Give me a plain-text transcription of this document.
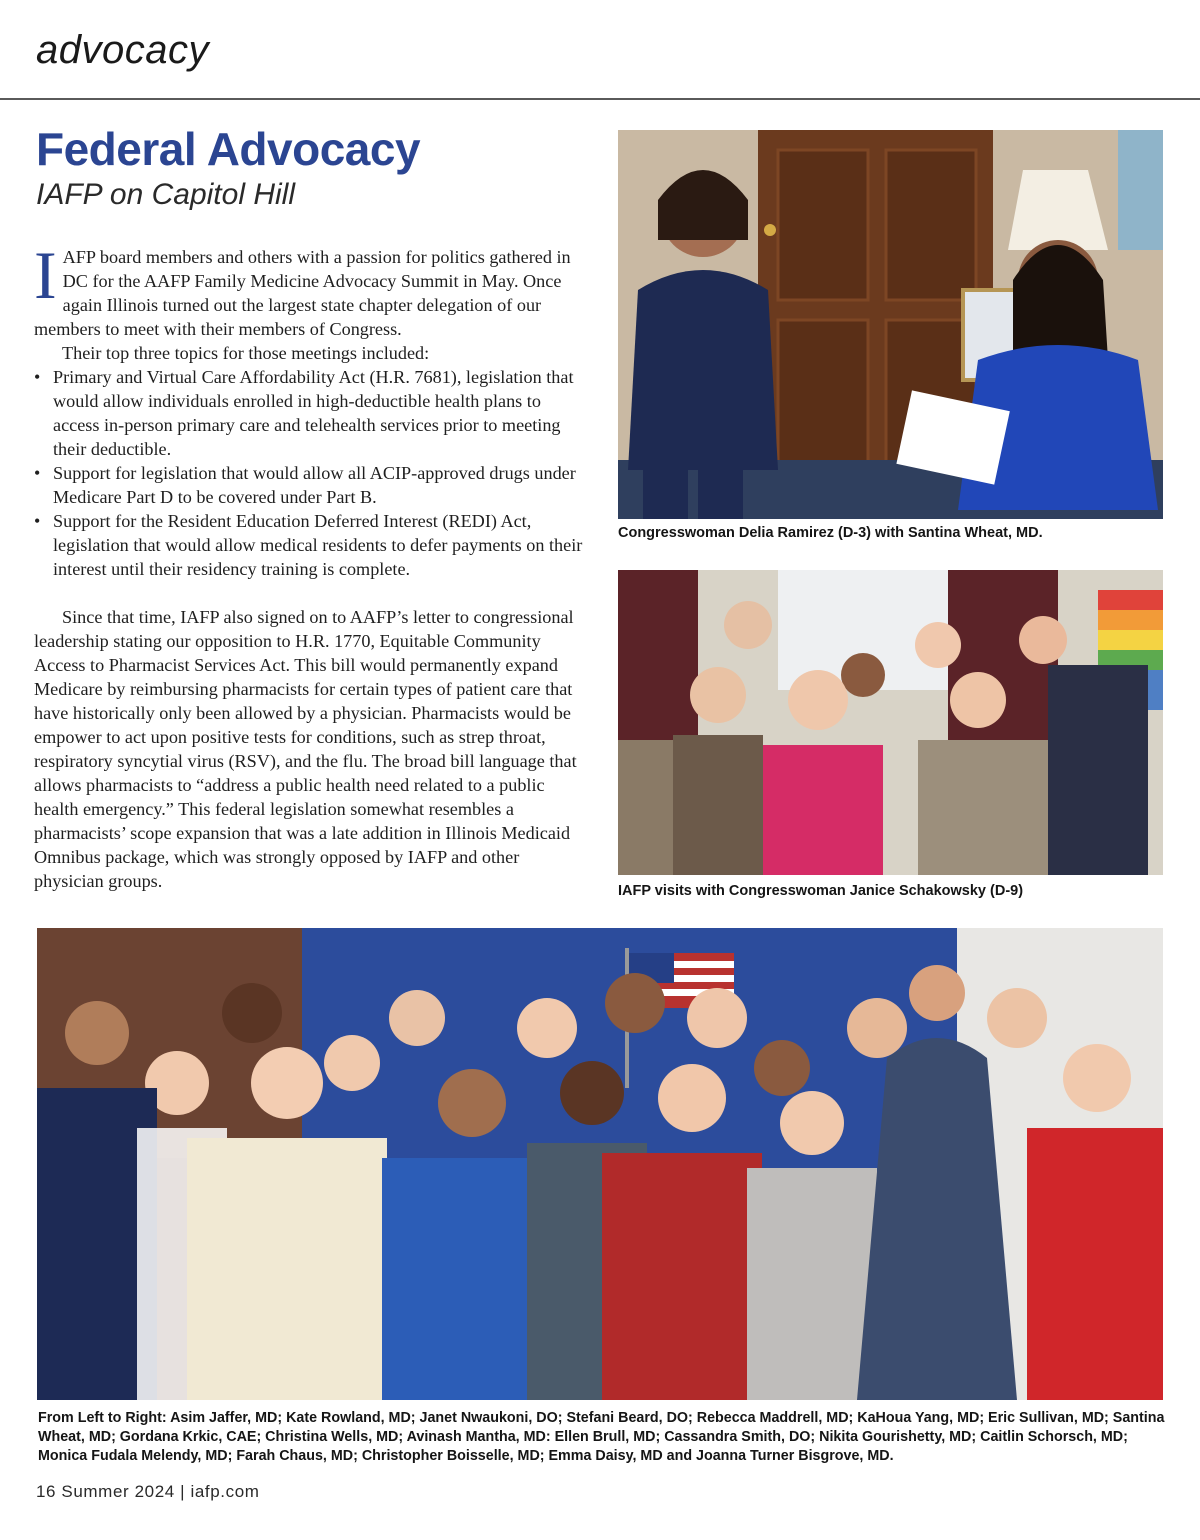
advocacy
Federal Advocacy
IAFP on Capitol Hill

I AFP board members and others with a passion for politics gathered in DC for the AAFP Family Medicine Advocacy Summit in May. Once again Illinois turned out the largest state chapter delegation of our members to meet with their members of Congress.

Their top three topics for those meetings included:

• Primary and Virtual Care Affordability Act (H.R. 7681), legislation that would allow individuals enrolled in high-deductible health plans to access in-person primary care and telehealth services prior to meeting their deductible.
• Support for legislation that would allow all ACIP-approved drugs under Medicare Part D to be covered under Part B.
• Support for the Resident Education Deferred Interest (REDI) Act, legislation that would allow medical residents to defer payments on their interest until their residency training is complete.

Since that time, IAFP also signed on to AAFP’s letter to congressional leadership stating our opposition to H.R. 1770, Equitable Community Access to Pharmacist Services Act. This bill would permanently expand Medicare by reimbursing pharmacists for certain types of patient care that have historically only been allowed by a physician. Pharmacists would be empower to act upon positive tests for conditions, such as strep throat, respiratory syncytial virus (RSV), and the flu. The broad bill language that allows pharmacists to “address a public health need related to a public health emergency.” This federal legislation somewhat resembles a pharmacists’ scope expansion that was a late addition in Illinois Medicaid Omnibus package, which was strongly opposed by IAFP and other physician groups.

Congresswoman Delia Ramirez (D-3) with Santina Wheat, MD.
IAFP visits with Congresswoman Janice Schakowsky (D-9)
From Left to Right: Asim Jaffer, MD; Kate Rowland, MD; Janet Nwaukoni, DO; Stefani Beard, DO; Rebecca Maddrell, MD; KaHoua Yang, MD; Eric Sullivan, MD; Santina Wheat, MD; Gordana Krkic, CAE; Christina Wells, MD; Avinash Mantha, MD: Ellen Brull, MD; Cassandra Smith, DO; Nikita Gourishetty, MD; Caitlin Schorsch, MD; Monica Fudala Melendy, MD; Farah Chaus, MD; Christopher Boisselle, MD; Emma Daisy, MD and Joanna Turner Bisgrove, MD.
16 Summer 2024 | iafp.com
